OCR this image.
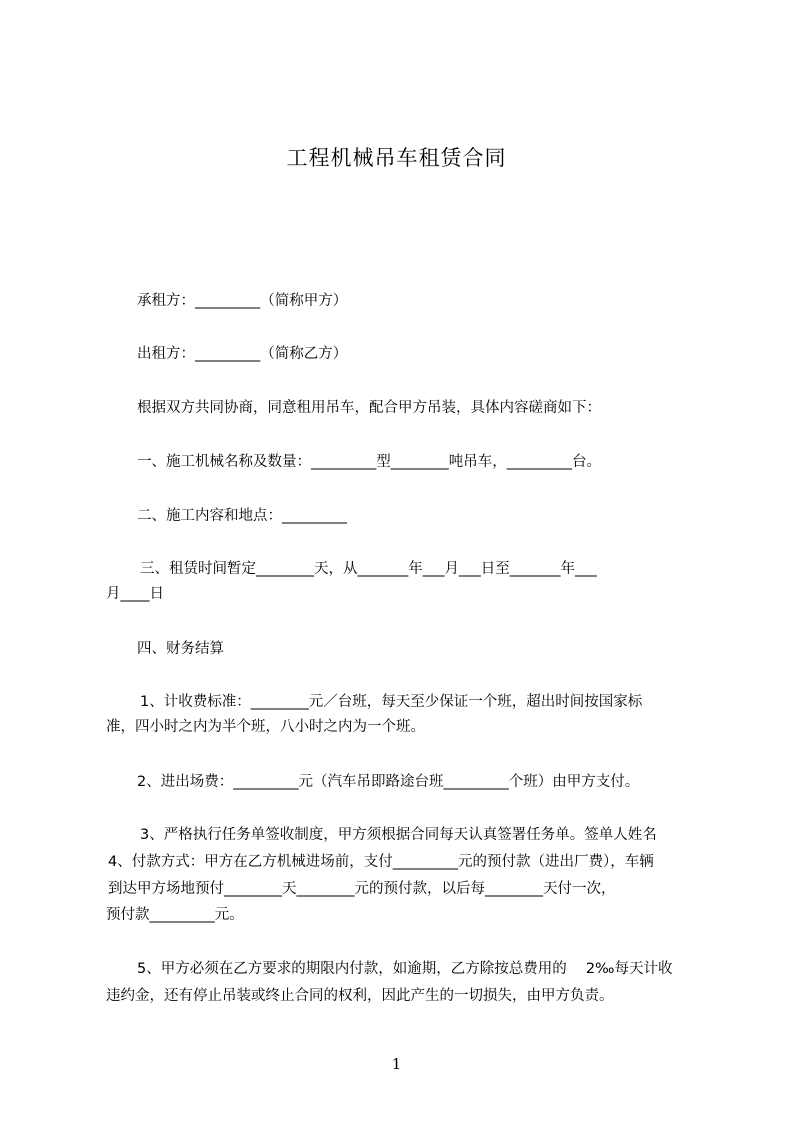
工程机械吊车租赁合同
承租方：_________（简称甲方）
出租方：_________（简称乙方）
根据双方共同协商，同意租用吊车，配合甲方吊装，具体内容磋商如下：
一、施工机械名称及数量：_________型________吨吊车，_________台。
二、施工内容和地点：_________
三、租赁时间暂定________天，从_______年___月___日至_______年___
月____日
四、财务结算
1、计收费标准：________元／台班，每天至少保证一个班，超出时间按国家标
准，四小时之内为半个班，八小时之内为一个班。
2、进出场费：_________元（汽车吊即路途台班_________个班）由甲方支付。
3、严格执行任务单签收制度，甲方须根据合同每天认真签署任务单。签单人姓名
4、付款方式：甲方在乙方机械进场前，支付_________元的预付款（进出厂费），车辆
到达甲方场地预付________天________元的预付款，以后每________天付一次，
预付款_________元。
5、甲方必须在乙方要求的期限内付款，如逾期，乙方除按总费用的　 2‰每天计收
违约金，还有停止吊装或终止合同的权利，因此产生的一切损失，由甲方负责。
1
